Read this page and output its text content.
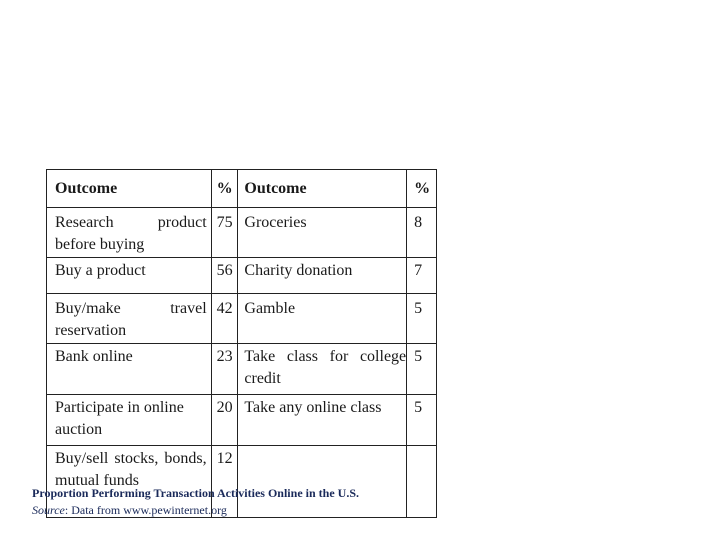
Outcome	%	Outcome	%
Research product before buying	75	Groceries	8
Buy a product	56	Charity donation	7
Buy/make travel reservation	42	Gamble	5
Bank online	23	Take class for college credit	5
Participate in online auction	20	Take any online class	5
Buy/sell stocks, bonds, mutual funds	12		
Proportion Performing Transaction Activities Online in the U.S.
Source: Data from www.pewinternet.org
